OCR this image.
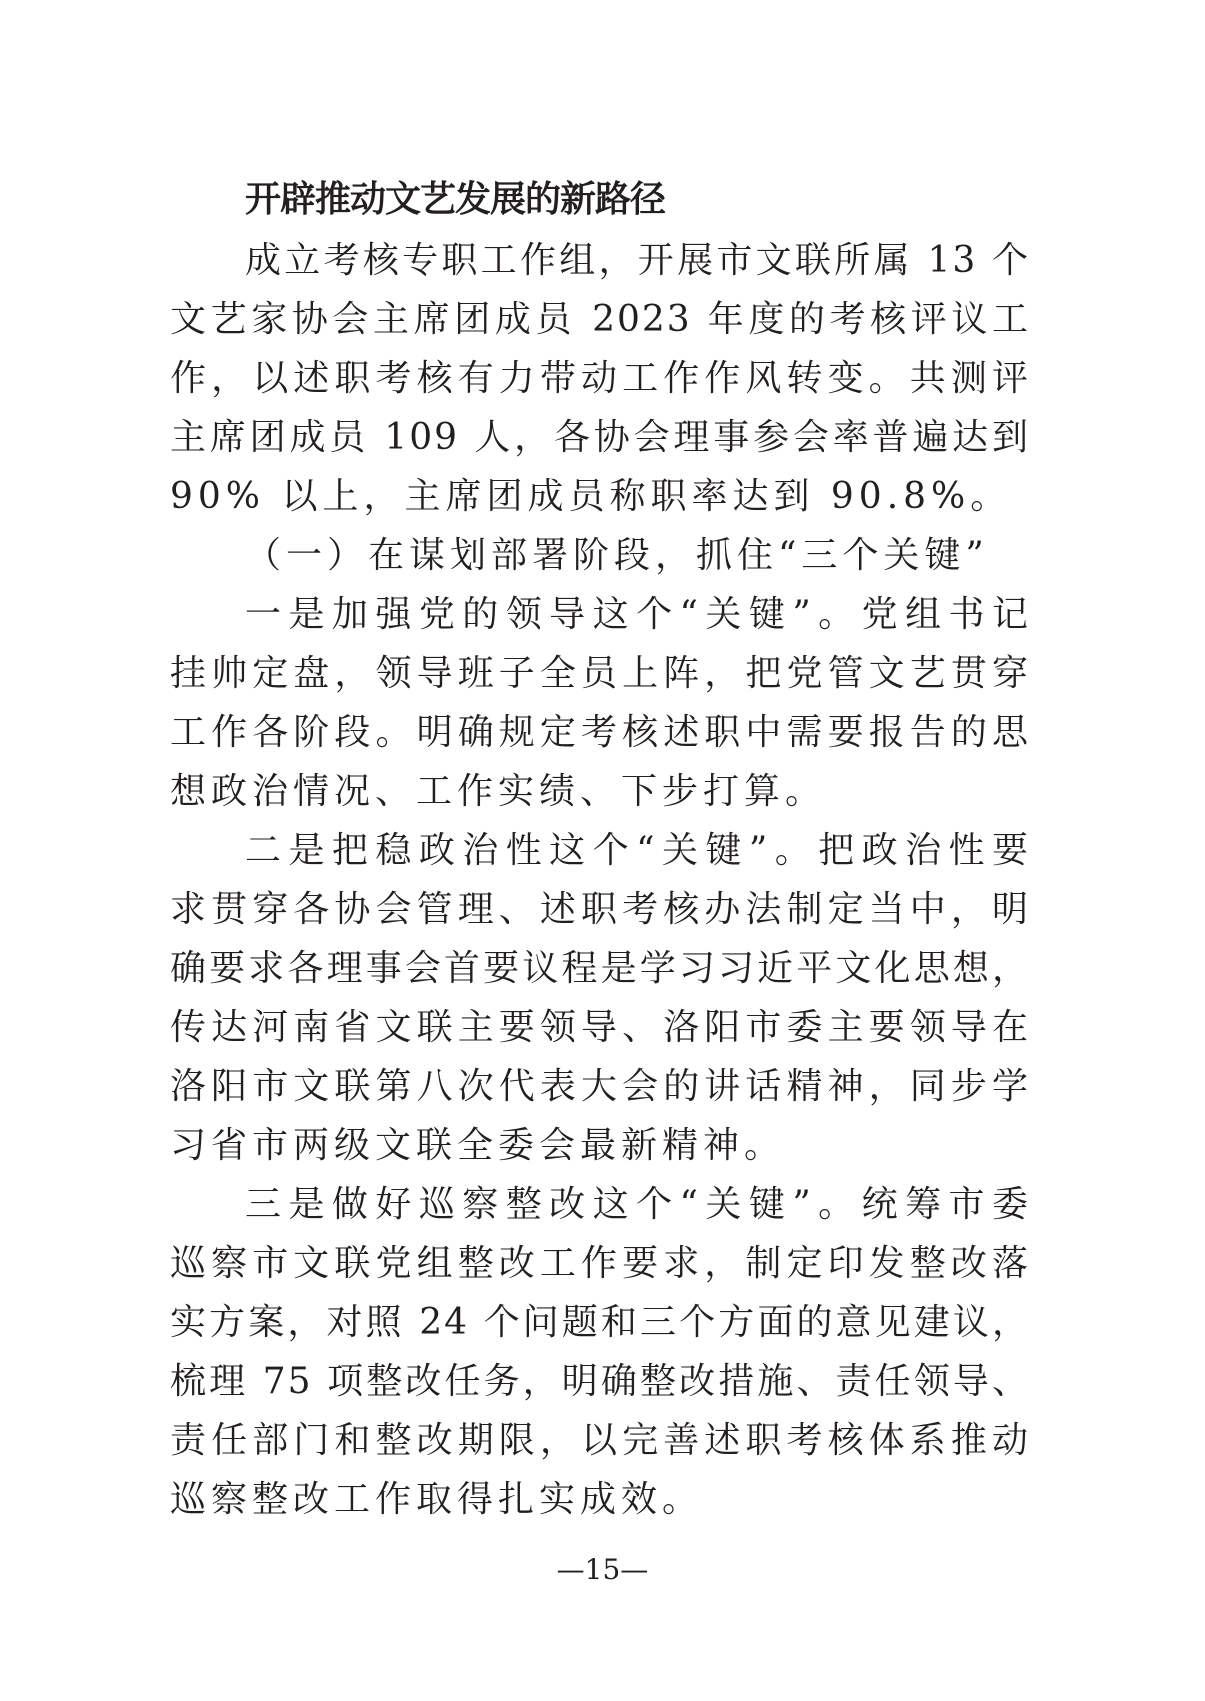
开辟推动文艺发展的新路径
成立考核专职工作组，开展市文联所属 13 个
文艺家协会主席团成员 2023 年度的考核评议工
作，以述职考核有力带动工作作风转变。共测评
主席团成员 109 人，各协会理事参会率普遍达到
90% 以上，主席团成员称职率达到 90.8%。
（一）在谋划部署阶段，抓住“三个关键”
一是加强党的领导这个“关键”。党组书记
挂帅定盘，领导班子全员上阵，把党管文艺贯穿
工作各阶段。明确规定考核述职中需要报告的思
想政治情况、工作实绩、下步打算。
二是把稳政治性这个“关键”。把政治性要
求贯穿各协会管理、述职考核办法制定当中，明
确要求各理事会首要议程是学习习近平文化思想，
传达河南省文联主要领导、洛阳市委主要领导在
洛阳市文联第八次代表大会的讲话精神，同步学
习省市两级文联全委会最新精神。
三是做好巡察整改这个“关键”。统筹市委
巡察市文联党组整改工作要求，制定印发整改落
实方案，对照 24 个问题和三个方面的意见建议，
梳理 75 项整改任务，明确整改措施、责任领导、
责任部门和整改期限，以完善述职考核体系推动
巡察整改工作取得扎实成效。
—15—
